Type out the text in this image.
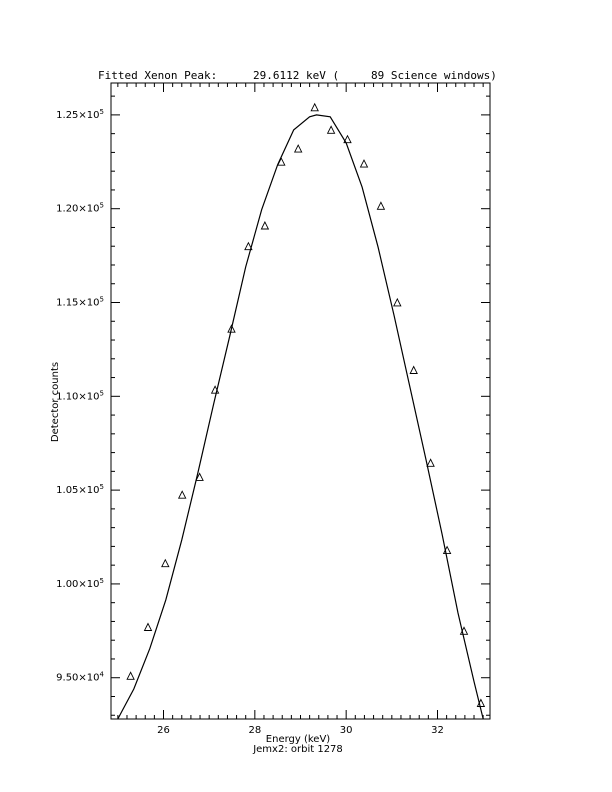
26	28	30	32
$9.50\times 10^4$
$1.00\times 10^5$
$1.05\times 10^5$
$1.10\times 10^5$
$1.15\times 10^5$
$1.20\times 10^5$
$1.25\times 10^5$
Fitted Xenon Peak:	29.6112 keV (	89 Science windows)
Energy (keV)
Jemx2: orbit 1278
Detector counts
